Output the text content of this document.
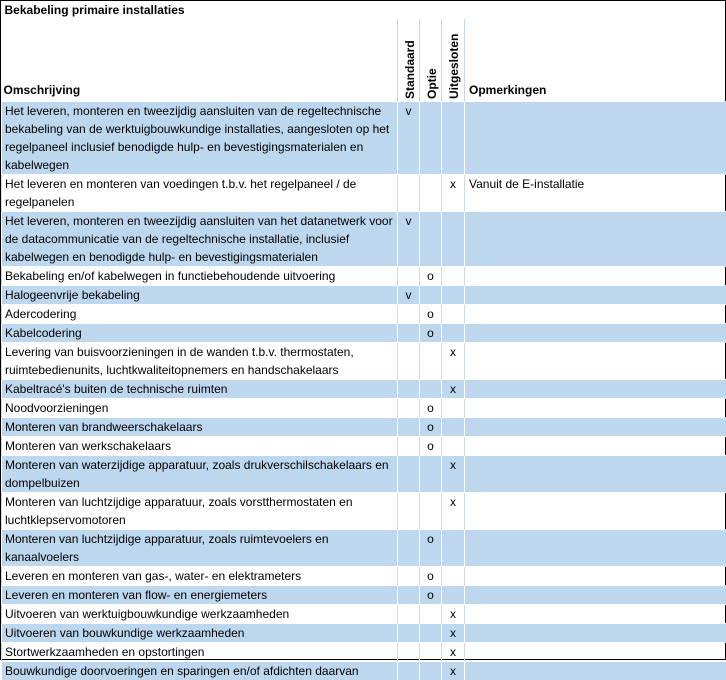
Bekabeling primaire installaties				
Omschrijving	Standaard	Optie	Uitgesloten	Opmerkingen
Het leveren, monteren en tweezijdig aansluiten van de regeltechnische bekabeling van de werktuigbouwkundige installaties, aangesloten op het regelpaneel inclusief benodigde hulp- en bevestigingsmaterialen en kabelwegen	v			
Het leveren en monteren van voedingen t.b.v. het regelpaneel / de regelpanelen			x	Vanuit de E-installatie
Het leveren, monteren en tweezijdig aansluiten van het datanetwerk voor de datacommunicatie van de regeltechnische installatie, inclusief kabelwegen en benodigde hulp- en bevestigingsmaterialen	v			
Bekabeling en/of kabelwegen in functiebehoudende uitvoering		o		
Halogeenvrije bekabeling	v			
Adercodering		o		
Kabelcodering		o		
Levering van buisvoorzieningen in de wanden t.b.v. thermostaten, ruimtebedienunits, luchtkwaliteitopnemers en handschakelaars			x	
Kabeltracé's buiten de technische ruimten			x	
Noodvoorzieningen		o		
Monteren van brandweerschakelaars		o		
Monteren van werkschakelaars		o		
Monteren van waterzijdige apparatuur, zoals drukverschilschakelaars en dompelbuizen			x	
Monteren van luchtzijdige apparatuur, zoals vorstthermostaten en luchtklepservomotoren			x	
Monteren van luchtzijdige apparatuur, zoals ruimtevoelers en kanaalvoelers		o		
Leveren en monteren van gas-, water- en elektrameters		o		
Leveren en monteren van flow- en energiemeters		o		
Uitvoeren van werktuigbouwkundige werkzaamheden			x	
Uitvoeren van bouwkundige werkzaamheden			x	
Stortwerkzaamheden en opstortingen			x	
Bouwkundige doorvoeringen en sparingen en/of afdichten daarvan			x	
